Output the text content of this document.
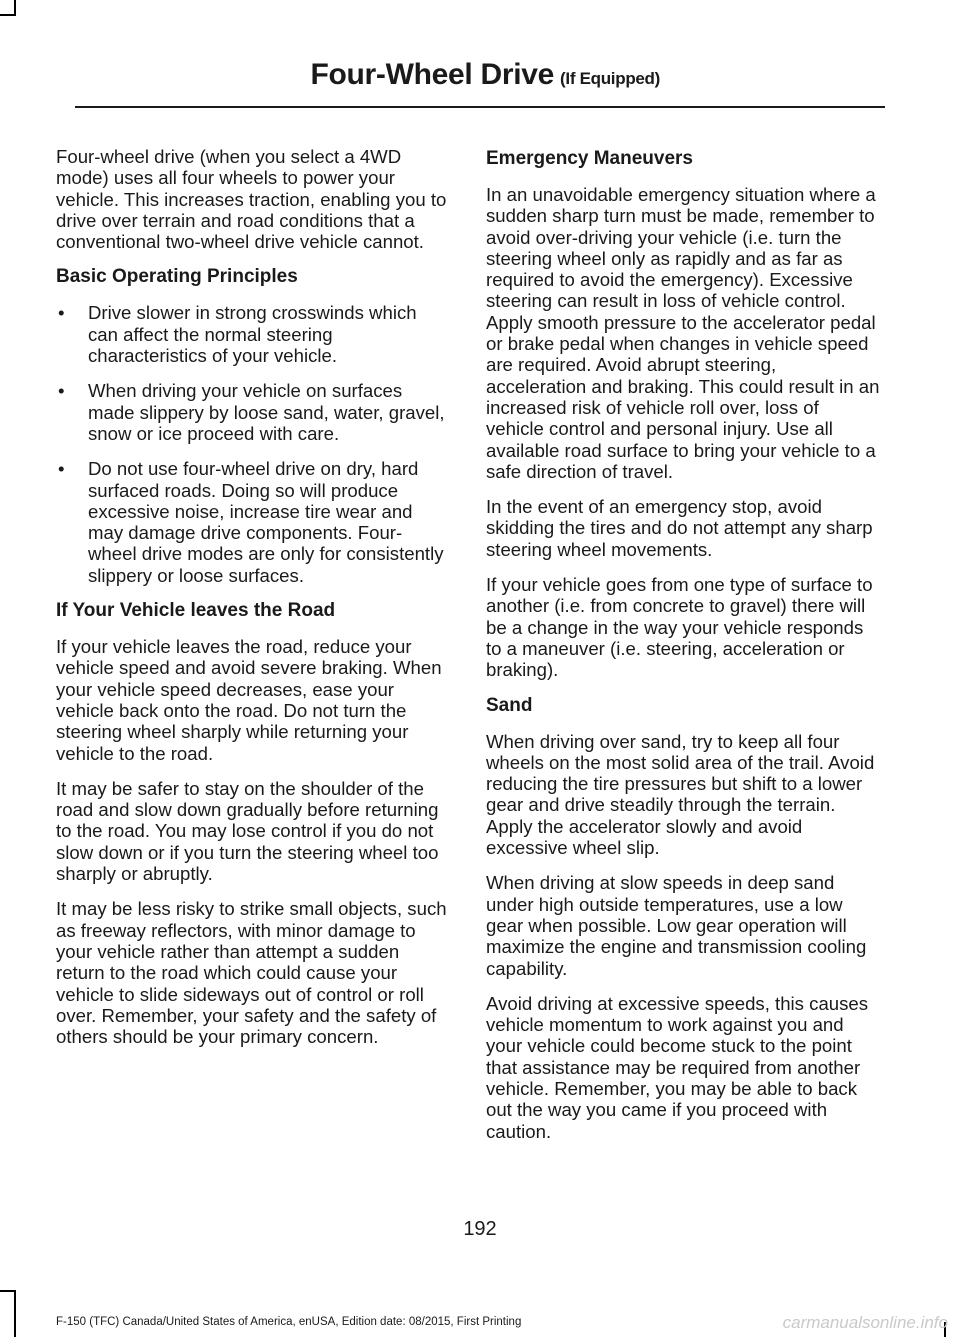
Four-Wheel Drive (If Equipped)

Four-wheel drive (when you select a 4WD mode) uses all four wheels to power your vehicle. This increases traction, enabling you to drive over terrain and road conditions that a conventional two-wheel drive vehicle cannot.

Basic Operating Principles
• Drive slower in strong crosswinds which can affect the normal steering characteristics of your vehicle.
• When driving your vehicle on surfaces made slippery by loose sand, water, gravel, snow or ice proceed with care.
• Do not use four-wheel drive on dry, hard surfaced roads. Doing so will produce excessive noise, increase tire wear and may damage drive components. Four-wheel drive modes are only for consistently slippery or loose surfaces.
If Your Vehicle leaves the Road

If your vehicle leaves the road, reduce your vehicle speed and avoid severe braking. When your vehicle speed decreases, ease your vehicle back onto the road. Do not turn the steering wheel sharply while returning your vehicle to the road.

It may be safer to stay on the shoulder of the road and slow down gradually before returning to the road. You may lose control if you do not slow down or if you turn the steering wheel too sharply or abruptly.

It may be less risky to strike small objects, such as freeway reflectors, with minor damage to your vehicle rather than attempt a sudden return to the road which could cause your vehicle to slide sideways out of control or roll over. Remember, your safety and the safety of others should be your primary concern.

Emergency Maneuvers

In an unavoidable emergency situation where a sudden sharp turn must be made, remember to avoid over-driving your vehicle (i.e. turn the steering wheel only as rapidly and as far as required to avoid the emergency). Excessive steering can result in loss of vehicle control. Apply smooth pressure to the accelerator pedal or brake pedal when changes in vehicle speed are required. Avoid abrupt steering, acceleration and braking. This could result in an increased risk of vehicle roll over, loss of vehicle control and personal injury. Use all available road surface to bring your vehicle to a safe direction of travel.

In the event of an emergency stop, avoid skidding the tires and do not attempt any sharp steering wheel movements.

If your vehicle goes from one type of surface to another (i.e. from concrete to gravel) there will be a change in the way your vehicle responds to a maneuver (i.e. steering, acceleration or braking).

Sand

When driving over sand, try to keep all four wheels on the most solid area of the trail. Avoid reducing the tire pressures but shift to a lower gear and drive steadily through the terrain. Apply the accelerator slowly and avoid excessive wheel slip.

When driving at slow speeds in deep sand under high outside temperatures, use a low gear when possible. Low gear operation will maximize the engine and transmission cooling capability.

Avoid driving at excessive speeds, this causes vehicle momentum to work against you and your vehicle could become stuck to the point that assistance may be required from another vehicle. Remember, you may be able to back out the way you came if you proceed with caution.

192
F-150 (TFC) Canada/United States of America, enUSA, Edition date: 08/2015, First Printing	carmanualsonline.info
